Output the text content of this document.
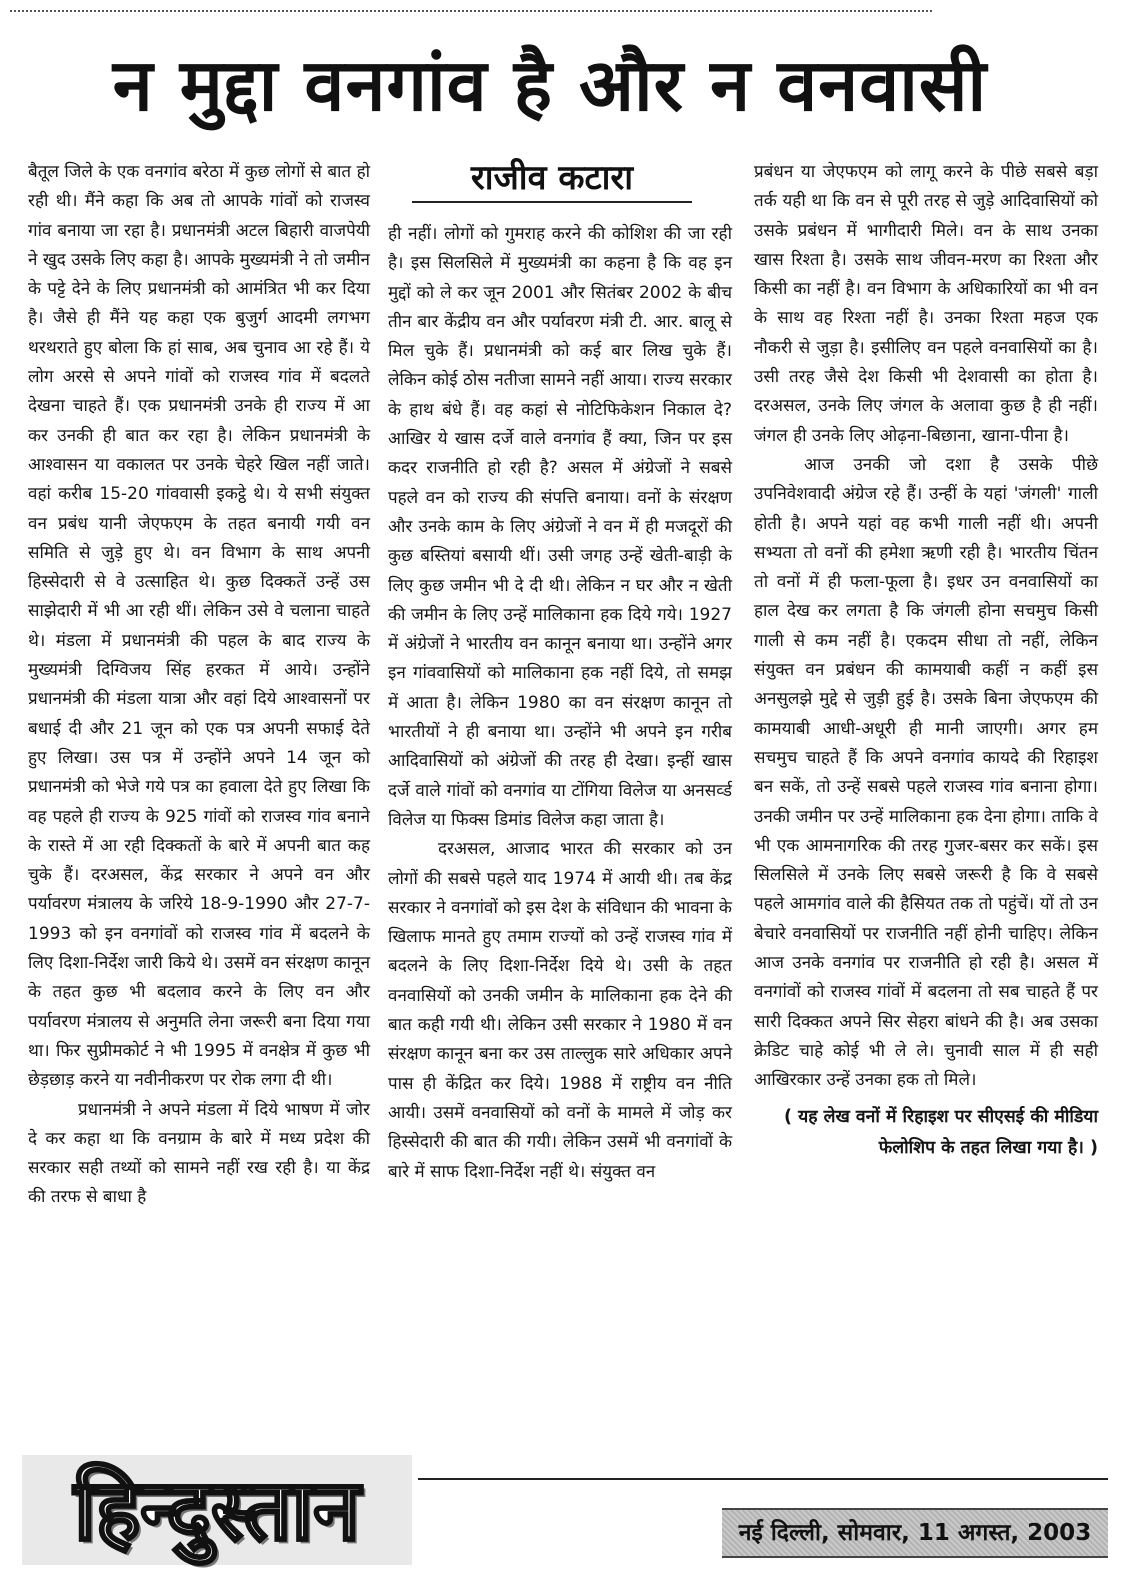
न मुद्दा वनगांव है और न वनवासी

बैतूल जिले के एक वनगांव बरेठा में कुछ लोगों से बात हो रही थी। मैंने कहा कि अब तो आपके गांवों को राजस्व गांव बनाया जा रहा है। प्रधानमंत्री अटल बिहारी वाजपेयी ने खुद उसके लिए कहा है। आपके मुख्यमंत्री ने तो जमीन के पट्टे देने के लिए प्रधानमंत्री को आमंत्रित भी कर दिया है। जैसे ही मैंने यह कहा एक बुजुर्ग आदमी लगभग थरथराते हुए बोला कि हां साब, अब चुनाव आ रहे हैं। ये लोग अरसे से अपने गांवों को राजस्व गांव में बदलते देखना चाहते हैं। एक प्रधानमंत्री उनके ही राज्य में आ कर उनकी ही बात कर रहा है। लेकिन प्रधानमंत्री के आश्वासन या वकालत पर उनके चेहरे खिल नहीं जाते। वहां करीब 15-20 गांववासी इकट्ठे थे। ये सभी संयुक्त वन प्रबंध यानी जेएफएम के तहत बनायी गयी वन समिति से जुड़े हुए थे। वन विभाग के साथ अपनी हिस्सेदारी से वे उत्साहित थे। कुछ दिक्कतें उन्हें उस साझेदारी में भी आ रही थीं। लेकिन उसे वे चलाना चाहते थे। मंडला में प्रधानमंत्री की पहल के बाद राज्य के मुख्यमंत्री दिग्विजय सिंह हरकत में आये। उन्होंने प्रधानमंत्री की मंडला यात्रा और वहां दिये आश्वासनों पर बधाई दी और 21 जून को एक पत्र अपनी सफाई देते हुए लिखा। उस पत्र में उन्होंने अपने 14 जून को प्रधानमंत्री को भेजे गये पत्र का हवाला देते हुए लिखा कि वह पहले ही राज्य के 925 गांवों को राजस्व गांव बनाने के रास्ते में आ रही दिक्कतों के बारे में अपनी बात कह चुके हैं। दरअसल, केंद्र सरकार ने अपने वन और पर्यावरण मंत्रालय के जरिये 18-9-1990 और 27-7-1993 को इन वनगांवों को राजस्व गांव में बदलने के लिए दिशा-निर्देश जारी किये थे। उसमें वन संरक्षण कानून के तहत कुछ भी बदलाव करने के लिए वन और पर्यावरण मंत्रालय से अनुमति लेना जरूरी बना दिया गया था। फिर सुप्रीमकोर्ट ने भी 1995 में वनक्षेत्र में कुछ भी छेड़छाड़ करने या नवीनीकरण पर रोक लगा दी थी।

प्रधानमंत्री ने अपने मंडला में दिये भाषण में जोर दे कर कहा था कि वनग्राम के बारे में मध्य प्रदेश की सरकार सही तथ्यों को सामने नहीं रख रही है। या केंद्र की तरफ से बाधा है

राजीव कटारा

ही नहीं। लोगों को गुमराह करने की कोशिश की जा रही है। इस सिलसिले में मुख्यमंत्री का कहना है कि वह इन मुद्दों को ले कर जून 2001 और सितंबर 2002 के बीच तीन बार केंद्रीय वन और पर्यावरण मंत्री टी. आर. बालू से मिल चुके हैं। प्रधानमंत्री को कई बार लिख चुके हैं। लेकिन कोई ठोस नतीजा सामने नहीं आया। राज्य सरकार के हाथ बंधे हैं। वह कहां से नोटिफिकेशन निकाल दे? आखिर ये खास दर्जे वाले वनगांव हैं क्या, जिन पर इस कदर राजनीति हो रही है? असल में अंग्रेजों ने सबसे पहले वन को राज्य की संपत्ति बनाया। वनों के संरक्षण और उनके काम के लिए अंग्रेजों ने वन में ही मजदूरों की कुछ बस्तियां बसायी थीं। उसी जगह उन्हें खेती-बाड़ी के लिए कुछ जमीन भी दे दी थी। लेकिन न घर और न खेती की जमीन के लिए उन्हें मालिकाना हक दिये गये। 1927 में अंग्रेजों ने भारतीय वन कानून बनाया था। उन्होंने अगर इन गांववासियों को मालिकाना हक नहीं दिये, तो समझ में आता है। लेकिन 1980 का वन संरक्षण कानून तो भारतीयों ने ही बनाया था। उन्होंने भी अपने इन गरीब आदिवासियों को अंग्रेजों की तरह ही देखा। इन्हीं खास दर्जे वाले गांवों को वनगांव या टोंगिया विलेज या अनसर्व्ड विलेज या फिक्स डिमांड विलेज कहा जाता है।

दरअसल, आजाद भारत की सरकार को उन लोगों की सबसे पहले याद 1974 में आयी थी। तब केंद्र सरकार ने वनगांवों को इस देश के संविधान की भावना के खिलाफ मानते हुए तमाम राज्यों को उन्हें राजस्व गांव में बदलने के लिए दिशा-निर्देश दिये थे। उसी के तहत वनवासियों को उनकी जमीन के मालिकाना हक देने की बात कही गयी थी। लेकिन उसी सरकार ने 1980 में वन संरक्षण कानून बना कर उस ताल्लुक सारे अधिकार अपने पास ही केंद्रित कर दिये। 1988 में राष्ट्रीय वन नीति आयी। उसमें वनवासियों को वनों के मामले में जोड़ कर हिस्सेदारी की बात की गयी। लेकिन उसमें भी वनगांवों के बारे में साफ दिशा-निर्देश नहीं थे। संयुक्त वन

प्रबंधन या जेएफएम को लागू करने के पीछे सबसे बड़ा तर्क यही था कि वन से पूरी तरह से जुड़े आदिवासियों को उसके प्रबंधन में भागीदारी मिले। वन के साथ उनका खास रिश्ता है। उसके साथ जीवन-मरण का रिश्ता और किसी का नहीं है। वन विभाग के अधिकारियों का भी वन के साथ वह रिश्ता नहीं है। उनका रिश्ता महज एक नौकरी से जुड़ा है। इसीलिए वन पहले वनवासियों का है। उसी तरह जैसे देश किसी भी देशवासी का होता है। दरअसल, उनके लिए जंगल के अलावा कुछ है ही नहीं। जंगल ही उनके लिए ओढ़ना-बिछाना, खाना-पीना है।

आज उनकी जो दशा है उसके पीछे उपनिवेशवादी अंग्रेज रहे हैं। उन्हीं के यहां 'जंगली' गाली होती है। अपने यहां वह कभी गाली नहीं थी। अपनी सभ्यता तो वनों की हमेशा ऋणी रही है। भारतीय चिंतन तो वनों में ही फला-फूला है। इधर उन वनवासियों का हाल देख कर लगता है कि जंगली होना सचमुच किसी गाली से कम नहीं है। एकदम सीधा तो नहीं, लेकिन संयुक्त वन प्रबंधन की कामयाबी कहीं न कहीं इस अनसुलझे मुद्दे से जुड़ी हुई है। उसके बिना जेएफएम की कामयाबी आधी-अधूरी ही मानी जाएगी। अगर हम सचमुच चाहते हैं कि अपने वनगांव कायदे की रिहाइश बन सकें, तो उन्हें सबसे पहले राजस्व गांव बनाना होगा। उनकी जमीन पर उन्हें मालिकाना हक देना होगा। ताकि वे भी एक आमनागरिक की तरह गुजर-बसर कर सकें। इस सिलसिले में उनके लिए सबसे जरूरी है कि वे सबसे पहले आमगांव वाले की हैसियत तक तो पहुंचें। यों तो उन बेचारे वनवासियों पर राजनीति नहीं होनी चाहिए। लेकिन आज उनके वनगांव पर राजनीति हो रही है। असल में वनगांवों को राजस्व गांवों में बदलना तो सब चाहते हैं पर सारी दिक्कत अपने सिर सेहरा बांधने की है। अब उसका क्रेडिट चाहे कोई भी ले ले। चुनावी साल में ही सही आखिरकार उन्हें उनका हक तो मिले।

( यह लेख वनों में रिहाइश पर सीएसई की मीडिया फेलोशिप के तहत लिखा गया है। )
हिन्दुस्तान	नई दिल्ली, सोमवार, 11 अगस्त, 2003
